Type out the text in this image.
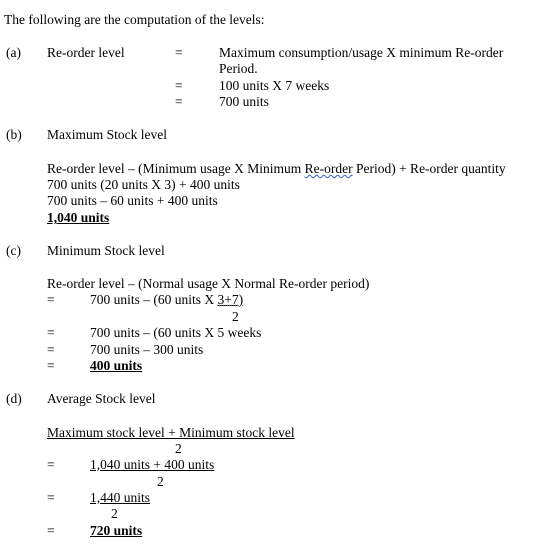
The following are the computation of the levels:
(a) Re-order level	=	Maximum consumption/usage X minimum Re-order
Period.
=	100 units X 7 weeks
=	700 units
(b) Maximum Stock level
Re-order level – (Minimum usage X Minimum Re-order Period) + Re-order quantity
700 units (20 units X 3) + 400 units
700 units – 60 units + 400 units
1,040 units
(c) Minimum Stock level
Re-order level – (Normal usage X Normal Re-order period)
=	700 units – (60 units X 3+7)
2
=	700 units – (60 units X 5 weeks
=	700 units – 300 units
=	400 units
(d) Average Stock level
Maximum stock level + Minimum stock level
2
=	1,040 units + 400 units
2
=	1,440 units
2
=	720 units
